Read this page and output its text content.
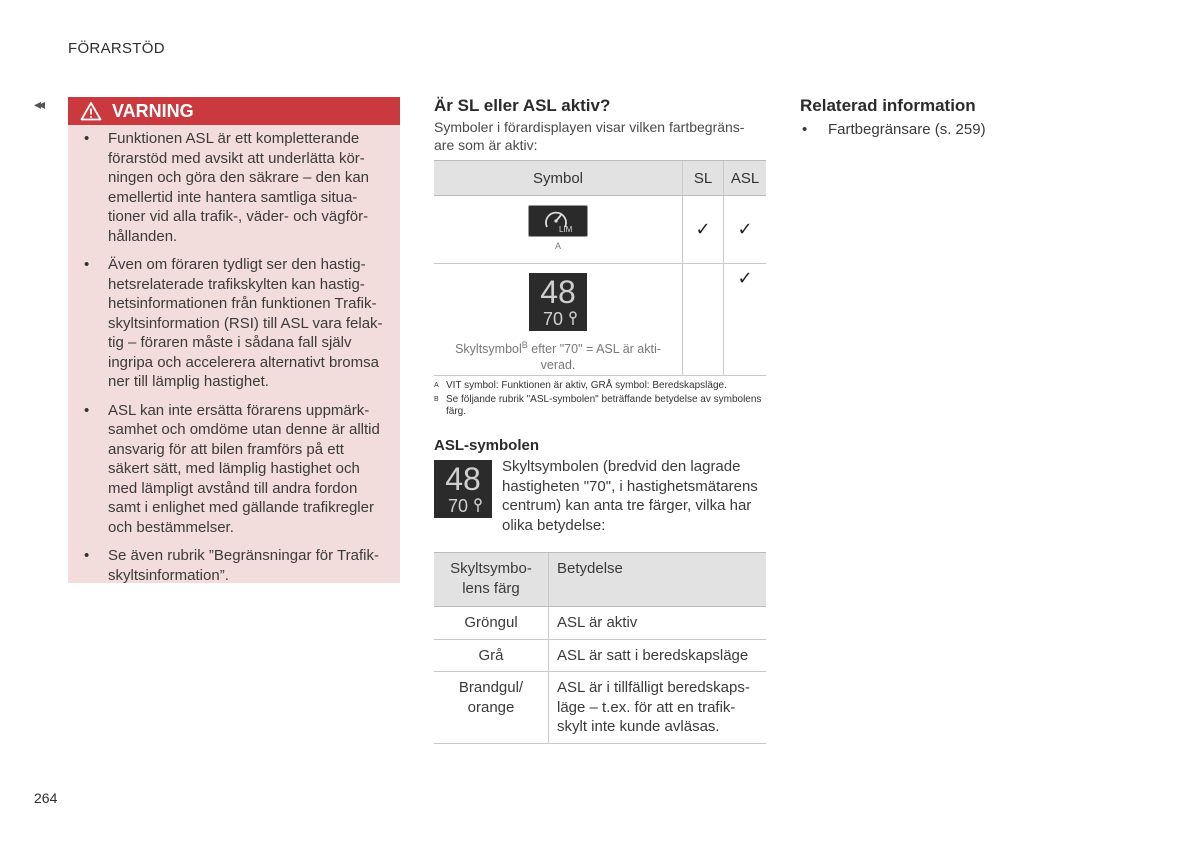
FÖRARSTÖD
◂◂	VARNING
• Funktionen ASL är ett kompletterande förarstöd med avsikt att underlätta kör- ningen och göra den säkrare – den kan emellertid inte hantera samtliga situa- tioner vid alla trafik-, väder- och vägför- hållanden.
• Även om föraren tydligt ser den hastig- hetsrelaterade trafikskylten kan hastig- hetsinformationen från funktionen Trafik- skyltsinformation (RSI) till ASL vara felak- tig – föraren måste i sådana fall själv ingripa och accelerera alternativt bromsa ner till lämplig hastighet.
• ASL kan inte ersätta förarens uppmärk- samhet och omdöme utan denne är alltid ansvarig för att bilen framförs på ett säkert sätt, med lämplig hastighet och med lämpligt avstånd till andra fordon samt i enlighet med gällande trafikregler och bestämmelser.
• Se även rubrik ”Begränsningar för Trafik- skyltsinformation”.

Är SL eller ASL aktiv?

Symboler i förardisplayen visar vilken fartbegräns- are som är aktiv:
Symbol	SL	ASL

LIM
A	✓	✓

48
70
Skyltsymbol$^B$ efter "70" = ASL är akti- verad.		✓
A VIT symbol: Funktionen är aktiv, GRÅ symbol: Beredskapsläge.
B Se följande rubrik "ASL-symbolen" beträffande betydelse av symbolens färg.
ASL-symbolen
48
70
Skyltsymbolen (bredvid den lagrade hastigheten "70", i hastighetsmätarens centrum) kan anta tre färger, vilka har olika betydelse:
Skyltsymbo- lens färg	Betydelse
Gröngul	ASL är aktiv
Grå	ASL är satt i beredskapsläge
Brandgul/ orange	ASL är i tillfälligt beredskaps- läge – t.ex. för att en trafik- skylt inte kunde avläsas.

Relaterad information

• Fartbegränsare (s. 259)
264
